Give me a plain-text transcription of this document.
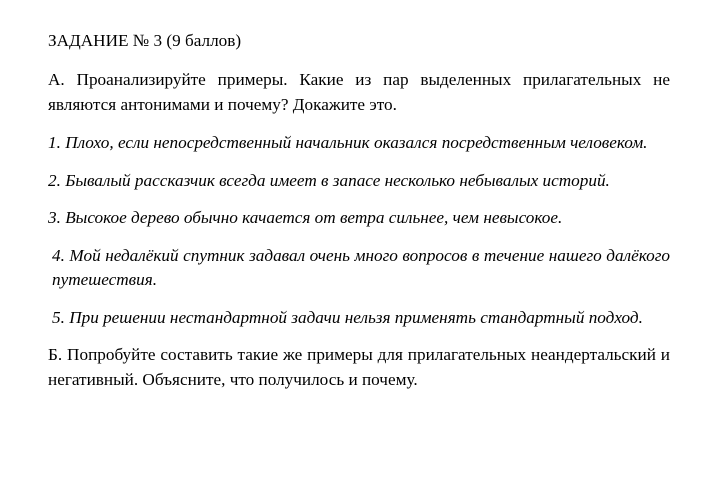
ЗАДАНИЕ № 3 (9 баллов)

А. Проанализируйте примеры. Какие из пар выделенных прилагательных не являются антонимами и почему? Докажите это.

1. Плохо, если непосредственный начальник оказался посредственным человеком.

2. Бывалый рассказчик всегда имеет в запасе несколько небывалых историй.

3. Высокое дерево обычно качается от ветра сильнее, чем невысокое.

4. Мой недалёкий спутник задавал очень много вопросов в течение нашего далёкого путешествия.

5. При решении нестандартной задачи нельзя применять стандартный подход.

Б. Попробуйте составить такие же примеры для прилагательных неандертальский и негативный. Объясните, что получилось и почему.
